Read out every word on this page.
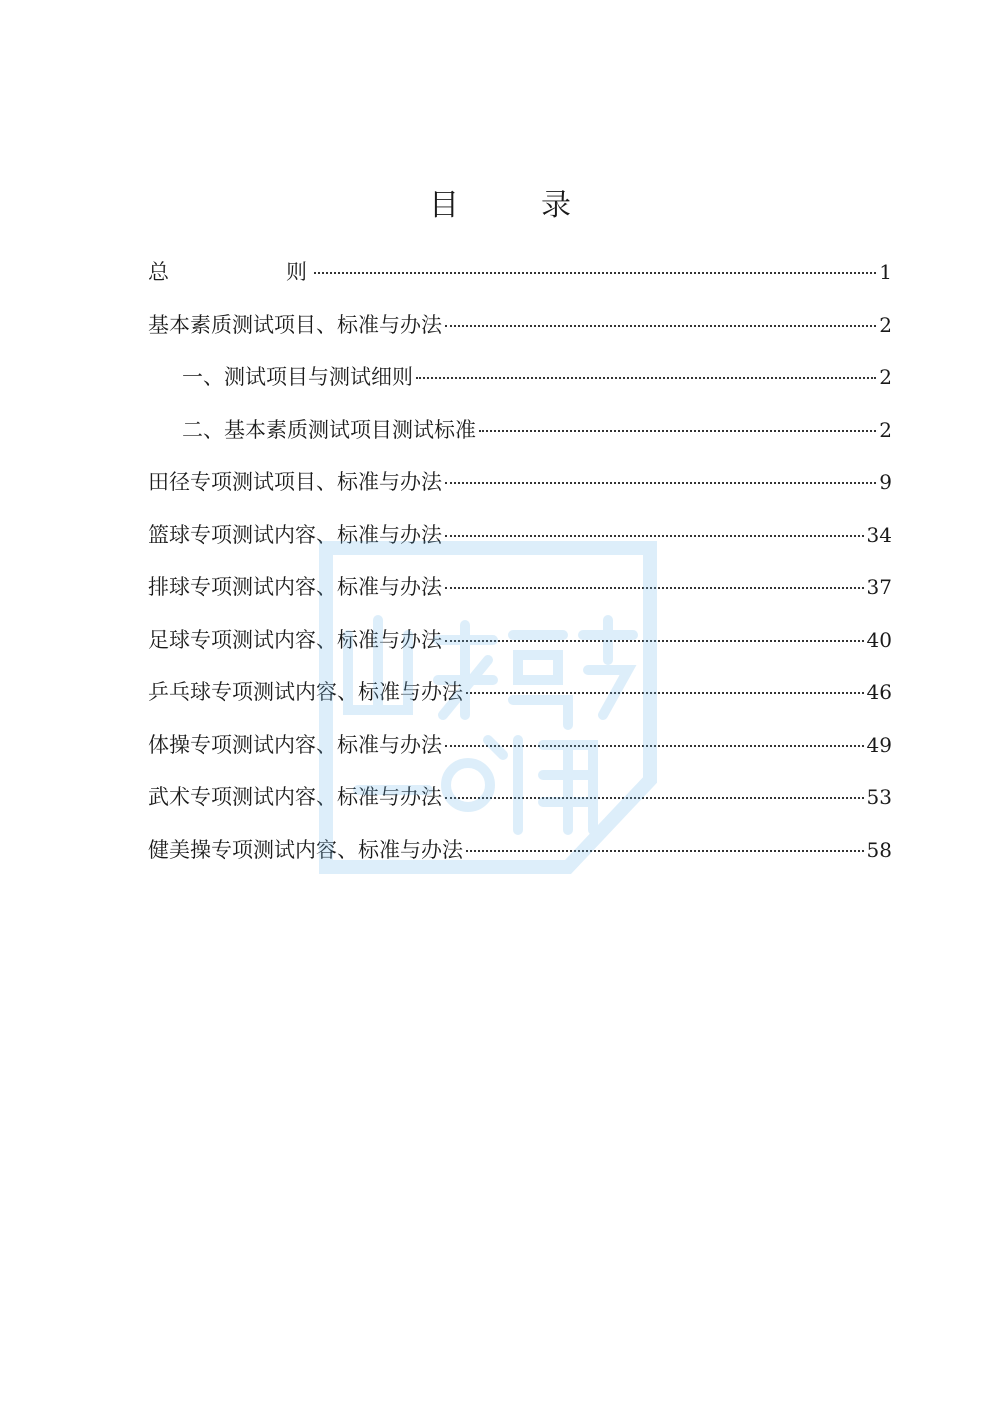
目　录
总　则	1
基本素质测试项目、标准与办法	2
一、测试项目与测试细则	2
二、基本素质测试项目测试标准	2
田径专项测试项目、标准与办法	9
篮球专项测试内容、标准与办法	34
排球专项测试内容、标准与办法	37
足球专项测试内容、标准与办法	40
乒乓球专项测试内容、标准与办法	46
体操专项测试内容、标准与办法	49
武术专项测试内容、标准与办法	53
健美操专项测试内容、标准与办法	58
